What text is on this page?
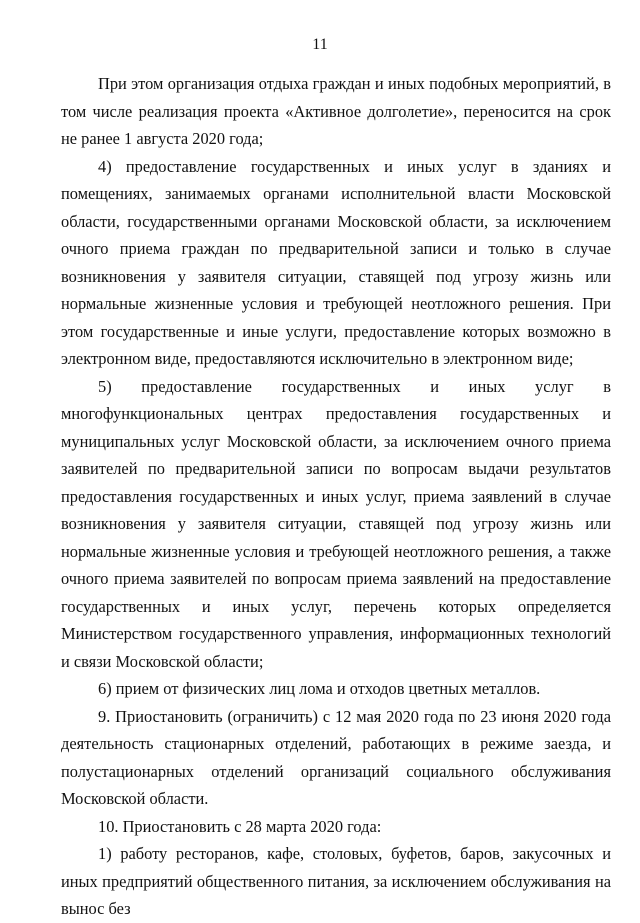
11

При этом организация отдыха граждан и иных подобных мероприятий, в том числе реализация проекта «Активное долголетие», переносится на срок не ранее 1 августа 2020 года;

4) предоставление государственных и иных услуг в зданиях и помещениях, занимаемых органами исполнительной власти Московской области, государственными органами Московской области, за исключением очного приема граждан по предварительной записи и только в случае возникновения у заявителя ситуации, ставящей под угрозу жизнь или нормальные жизненные условия и требующей неотложного решения. При этом государственные и иные услуги, предоставление которых возможно в электронном виде, предоставляются исключительно в электронном виде;

5) предоставление государственных и иных услуг в многофункциональных центрах предоставления государственных и муниципальных услуг Московской области, за исключением очного приема заявителей по предварительной записи по вопросам выдачи результатов предоставления государственных и иных услуг, приема заявлений в случае возникновения у заявителя ситуации, ставящей под угрозу жизнь или нормальные жизненные условия и требующей неотложного решения, а также очного приема заявителей по вопросам приема заявлений на предоставление государственных и иных услуг, перечень которых определяется Министерством государственного управления, информационных технологий и связи Московской области;

6) прием от физических лиц лома и отходов цветных металлов.

9. Приостановить (ограничить) с 12 мая 2020 года по 23 июня 2020 года деятельность стационарных отделений, работающих в режиме заезда, и полустационарных отделений организаций социального обслуживания Московской области.

10. Приостановить с 28 марта 2020 года:

1) работу ресторанов, кафе, столовых, буфетов, баров, закусочных и иных предприятий общественного питания, за исключением обслуживания на вынос без
